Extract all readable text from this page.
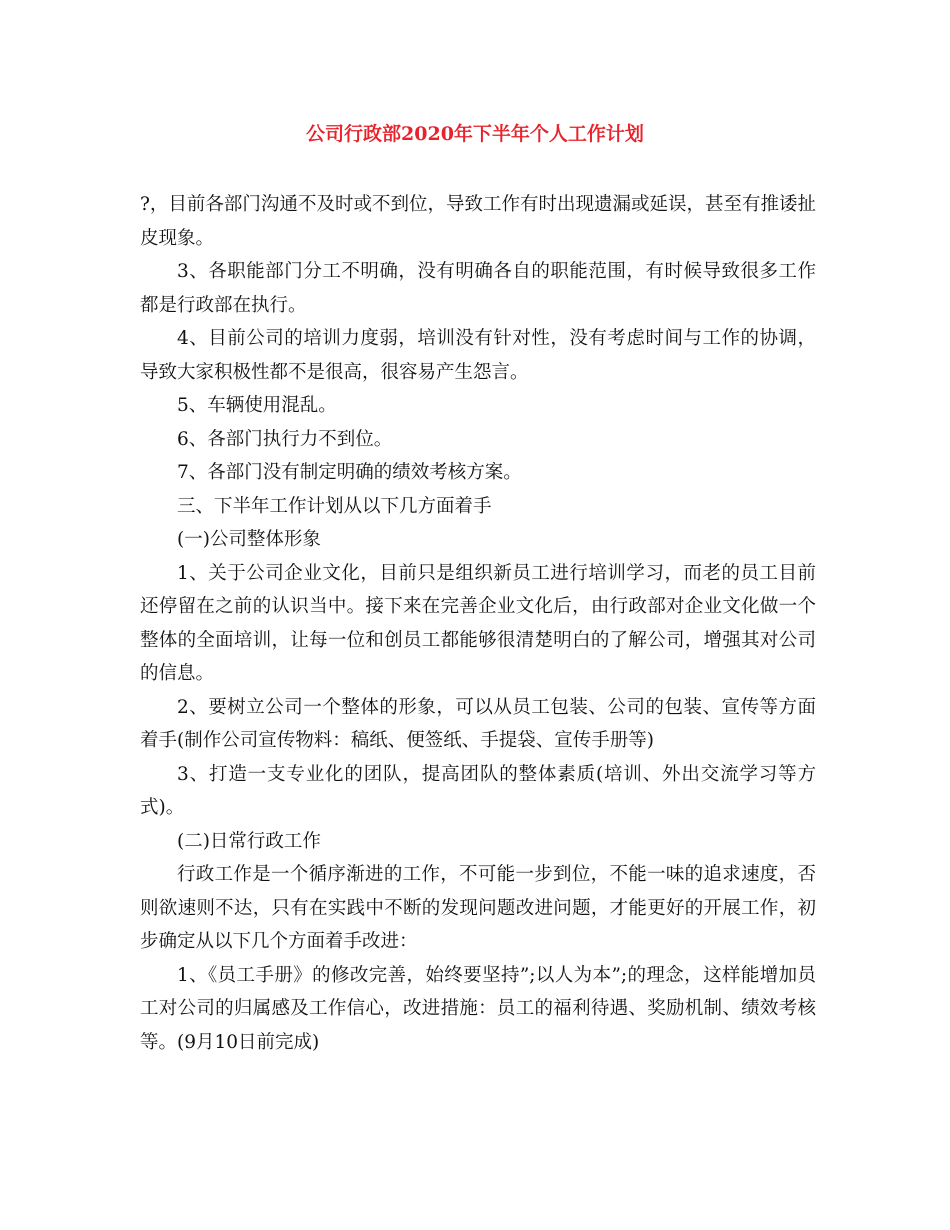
公司行政部2020年下半年个人工作计划

?，目前各部门沟通不及时或不到位，导致工作有时出现遗漏或延误，甚至有推诿扯皮现象。

3、各职能部门分工不明确，没有明确各自的职能范围，有时候导致很多工作都是行政部在执行。

4、目前公司的培训力度弱，培训没有针对性，没有考虑时间与工作的协调，导致大家积极性都不是很高，很容易产生怨言。

5、车辆使用混乱。

6、各部门执行力不到位。

7、各部门没有制定明确的绩效考核方案。

三、下半年工作计划从以下几方面着手

(一)公司整体形象

1、关于公司企业文化，目前只是组织新员工进行培训学习，而老的员工目前还停留在之前的认识当中。接下来在完善企业文化后，由行政部对企业文化做一个整体的全面培训，让每一位和创员工都能够很清楚明白的了解公司，增强其对公司的信息。

2、要树立公司一个整体的形象，可以从员工包装、公司的包装、宣传等方面着手(制作公司宣传物料：稿纸、便签纸、手提袋、宣传手册等)

3、打造一支专业化的团队，提高团队的整体素质(培训、外出交流学习等方式)。

(二)日常行政工作

行政工作是一个循序渐进的工作，不可能一步到位，不能一味的追求速度，否则欲速则不达，只有在实践中不断的发现问题改进问题，才能更好的开展工作，初步确定从以下几个方面着手改进：

1、《员工手册》的修改完善，始终要坚持”;以人为本”;的理念，这样能增加员工对公司的归属感及工作信心，改进措施：员工的福利待遇、奖励机制、绩效考核等。(9月10日前完成)
